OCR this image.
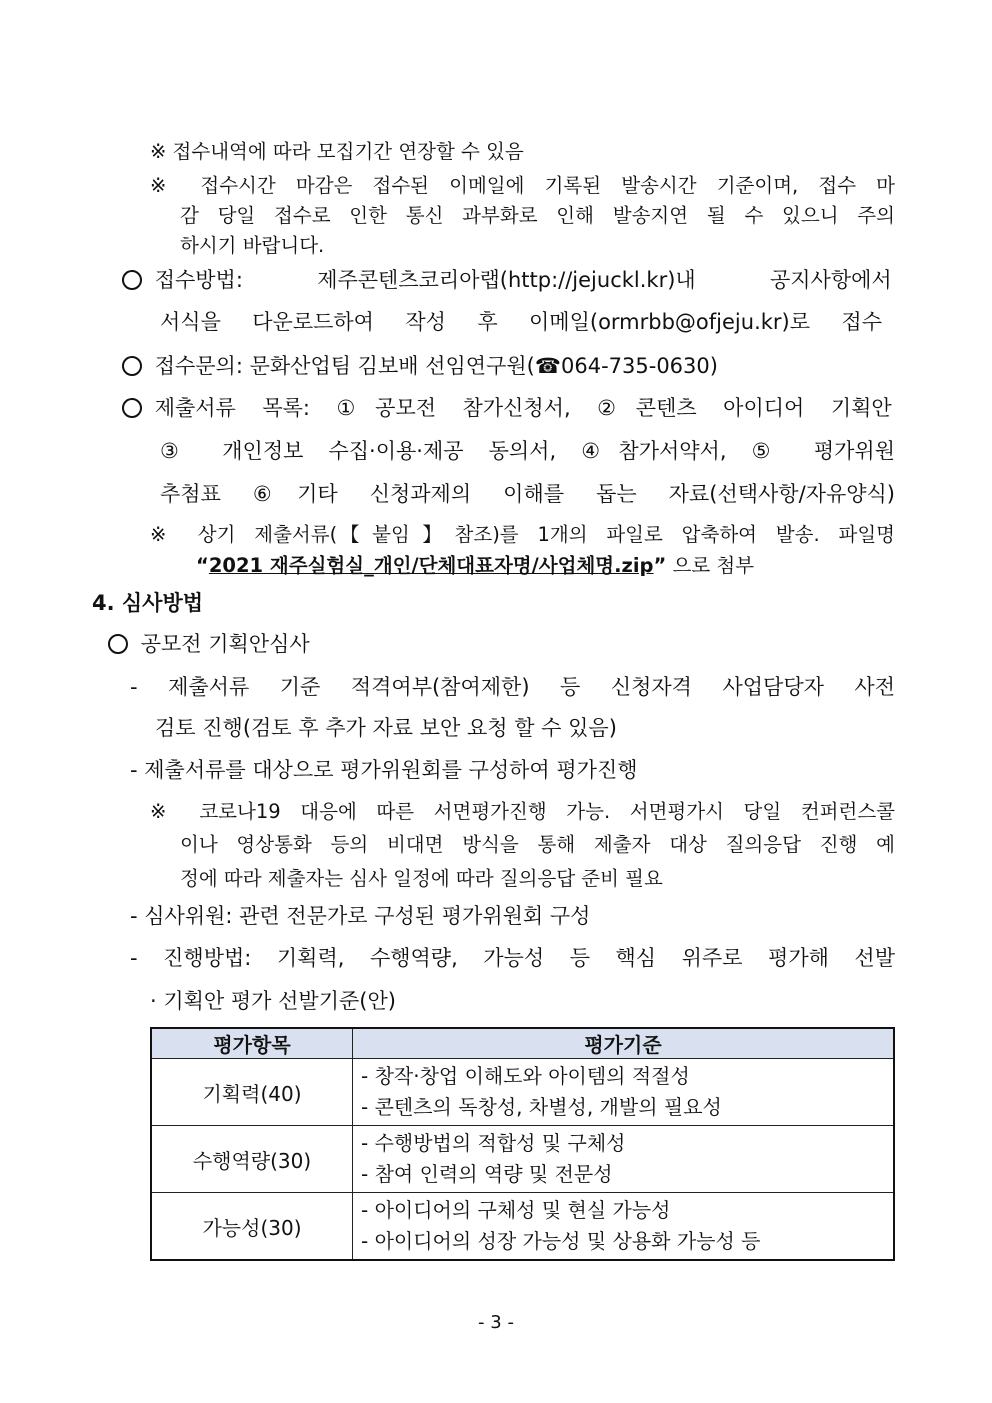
※ 접수내역에 따라 모집기간 연장할 수 있음
※ 접수시간 마감은 접수된 이메일에 기록된 발송시간 기준이며, 접수 마
감 당일 접수로 인한 통신 과부화로 인해 발송지연 될 수 있으니 주의
하시기 바랍니다.
접수방법: 제주콘텐츠코리아랩(http://jejuckl.kr)내 공지사항에서
서식을 다운로드하여 작성 후 이메일(ormrbb@ofjeju.kr)로 접수
접수문의: 문화산업팀 김보배 선임연구원(☎064-735-0630)
제출서류 목록: ①공모전 참가신청서, ②콘텐츠 아이디어 기획안
③ 개인정보 수집·이용·제공 동의서, ④참가서약서, ⑤ 평가위원
추첨표 ⑥기타 신청과제의 이해를 돕는 자료(선택사항/자유양식)
※ 상기 제출서류(【붙임】참조)를 1개의 파일로 압축하여 발송. 파일명
“2021 재주실험실_개인/단체대표자명/사업체명.zip” 으로 첨부
4. 심사방법
공모전 기획안심사
- 제출서류 기준 적격여부(참여제한) 등 신청자격 사업담당자 사전
검토 진행(검토 후 추가 자료 보안 요청 할 수 있음)
- 제출서류를 대상으로 평가위원회를 구성하여 평가진행
※ 코로나19 대응에 따른 서면평가진행 가능. 서면평가시 당일 컨퍼런스콜
이나 영상통화 등의 비대면 방식을 통해 제출자 대상 질의응답 진행 예
정에 따라 제출자는 심사 일정에 따라 질의응답 준비 필요
- 심사위원: 관련 전문가로 구성된 평가위원회 구성
- 진행방법: 기획력, 수행역량, 가능성 등 핵심 위주로 평가해 선발
· 기획안 평가 선발기준(안)
평가항목	평가기준
기획력(40)	- 창작·창업 이해도와 아이템의 적절성
- 콘텐츠의 독창성, 차별성, 개발의 필요성

수행역량(30)	- 수행방법의 적합성 및 구체성
- 참여 인력의 역량 및 전문성

가능성(30)	- 아이디어의 구체성 및 현실 가능성
- 아이디어의 성장 가능성 및 상용화 가능성 등
- 3 -
